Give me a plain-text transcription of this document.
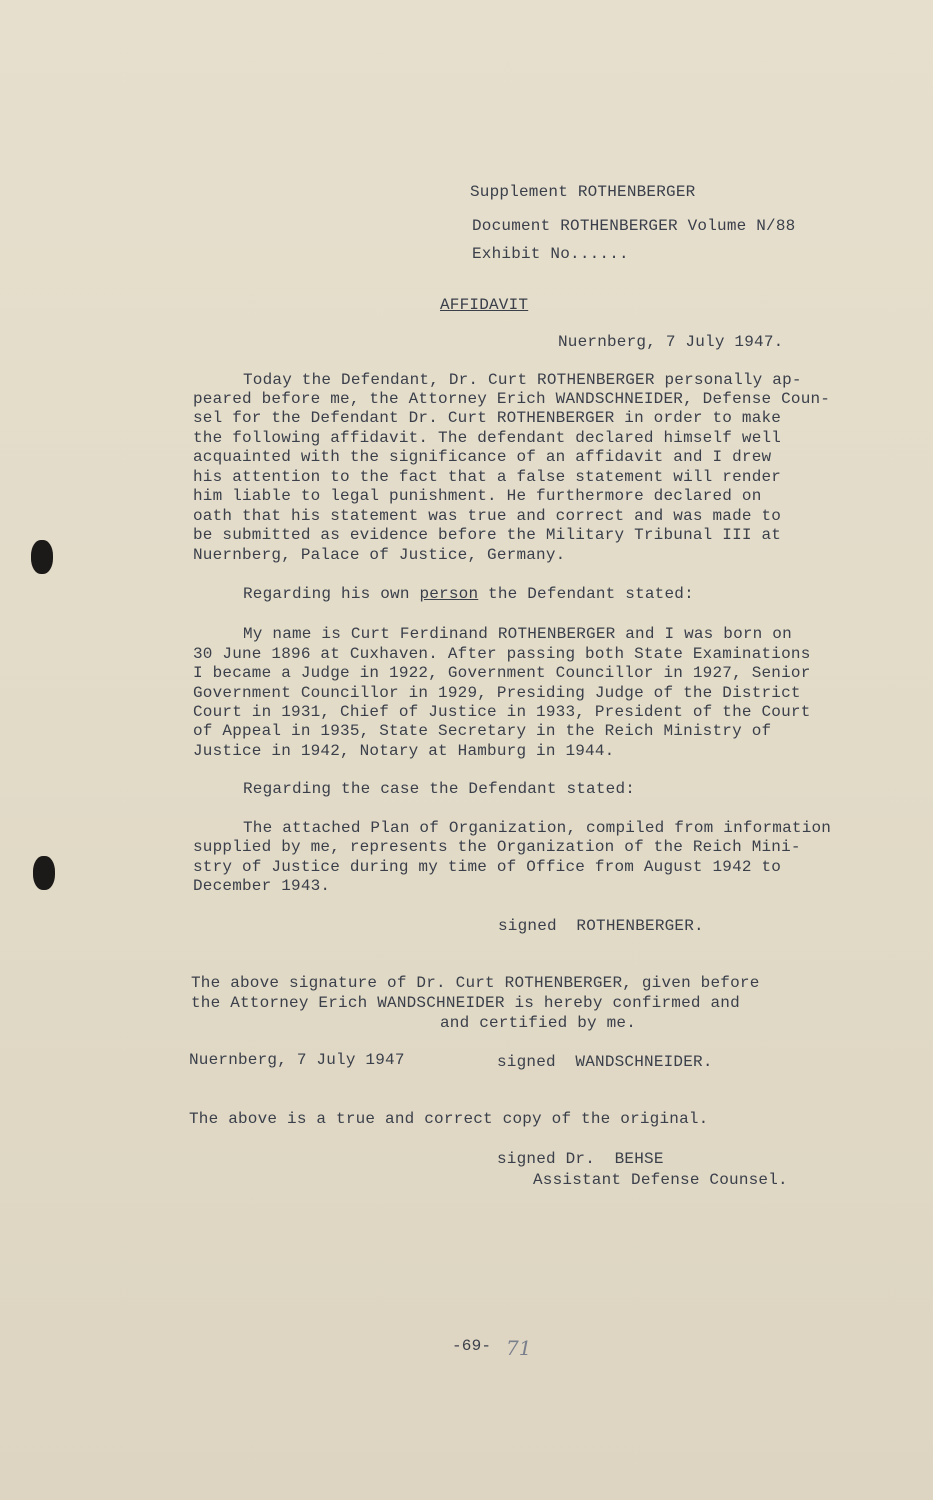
Supplement ROTHENBERGER
Document ROTHENBERGER Volume N/88
Exhibit No......
AFFIDAVIT
Nuernberg, 7 July 1947.
Today the Defendant, Dr. Curt ROTHENBERGER personally ap-
peared before me, the Attorney Erich WANDSCHNEIDER, Defense Coun-
sel for the Defendant Dr. Curt ROTHENBERGER in order to make
the following affidavit. The defendant declared himself well
acquainted with the significance of an affidavit and I drew
his attention to the fact that a false statement will render
him liable to legal punishment. He furthermore declared on
oath that his statement was true and correct and was made to
be submitted as evidence before the Military Tribunal III at
Nuernberg, Palace of Justice, Germany.
Regarding his own person the Defendant stated:
My name is Curt Ferdinand ROTHENBERGER and I was born on
30 June 1896 at Cuxhaven. After passing both State Examinations
I became a Judge in 1922, Government Councillor in 1927, Senior
Government Councillor in 1929, Presiding Judge of the District
Court in 1931, Chief of Justice in 1933, President of the Court
of Appeal in 1935, State Secretary in the Reich Ministry of
Justice in 1942, Notary at Hamburg in 1944.
Regarding the case the Defendant stated:
The attached Plan of Organization, compiled from information
supplied by me, represents the Organization of the Reich Mini-
stry of Justice during my time of Office from August 1942 to
December 1943.
signed  ROTHENBERGER.
The above signature of Dr. Curt ROTHENBERGER, given before
the Attorney Erich WANDSCHNEIDER is hereby confirmed and
and certified by me.
Nuernberg, 7 July 1947	signed  WANDSCHNEIDER.
The above is a true and correct copy of the original.
signed Dr.  BEHSE
Assistant Defense Counsel.
-69- 71
